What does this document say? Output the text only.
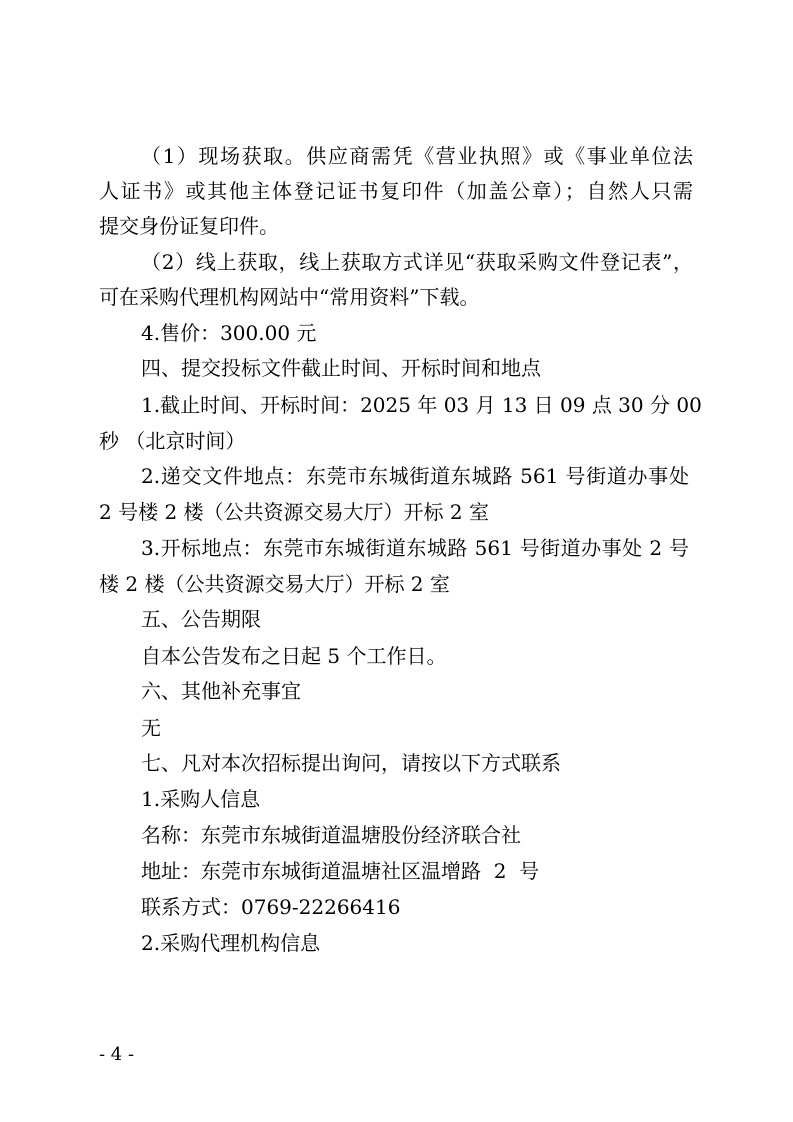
（1）现场获取。供应商需凭《营业执照》或《事业单位法
人证书》或其他主体登记证书复印件（加盖公章）；自然人只需
提交身份证复印件。
（2）线上获取，线上获取方式详见“获取采购文件登记表”，
可在采购代理机构网站中“常用资料”下载。
4.售价：300.00 元
四、提交投标文件截止时间、开标时间和地点
1.截止时间、开标时间：2025 年 03 月 13 日 09 点 30 分 00
秒 （北京时间）
2.递交文件地点：东莞市东城街道东城路 561 号街道办事处
2 号楼 2 楼（公共资源交易大厅）开标 2 室
3.开标地点：东莞市东城街道东城路 561 号街道办事处 2 号
楼 2 楼（公共资源交易大厅）开标 2 室
五、公告期限
自本公告发布之日起 5 个工作日。
六、其他补充事宜
无
七、凡对本次招标提出询问，请按以下方式联系
1.采购人信息
名称：东莞市东城街道温塘股份经济联合社
地址：东莞市东城街道温塘社区温增路  2  号
联系方式：0769-22266416
2.采购代理机构信息
- 4 -
